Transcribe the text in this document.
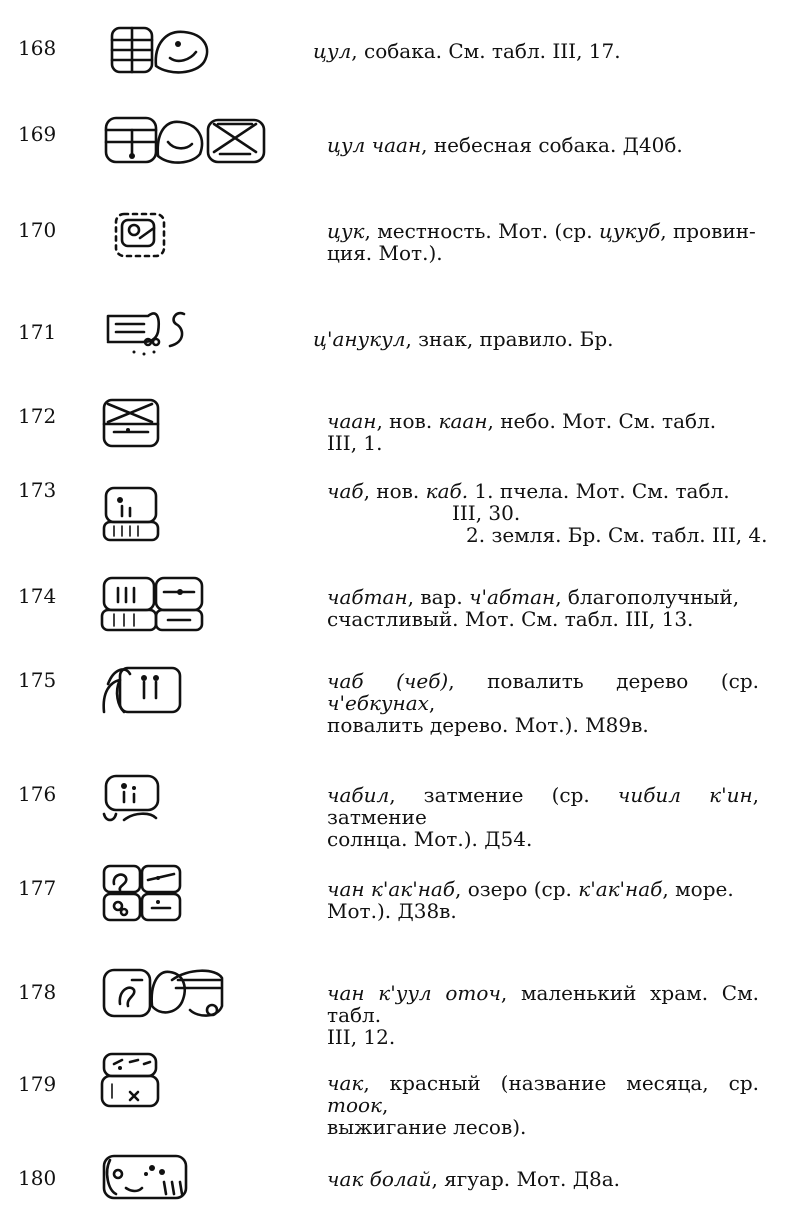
168	цул, собака. См. табл. III, 17.
169	цул чаан, небесная собака. Д40б.
170	цук, местность. Мот. (ср. цукуб, провин-
ция. Мот.).
171	ц'анукул, знак, правило. Бр.
172	чаан, нов. каан, небо. Мот. См. табл.
III, 1.
173	чаб, нов. каб. 1. пчела. Мот. См. табл.
III, 30.
2. земля. Бр. См. табл. III, 4.
174	чабтан, вар. ч'абтан, благополучный,
счастливый. Мот. См. табл. III, 13.
175	чаб (чеб), повалить дерево (ср. ч'ебкунах,
повалить дерево. Мот.). М89в.
176	чабил, затмение (ср. чибил к'ин, затмение
солнца. Мот.). Д54.
177	чан к'ак'наб, озеро (ср. к'ак'наб, море.
Мот.). Д38в.
178	чан к'уул оточ, маленький храм. См. табл.
III, 12.
179	чак, красный (название месяца, ср. тоок,
выжигание лесов).
180	чак болай, ягуар. Мот. Д8а.
